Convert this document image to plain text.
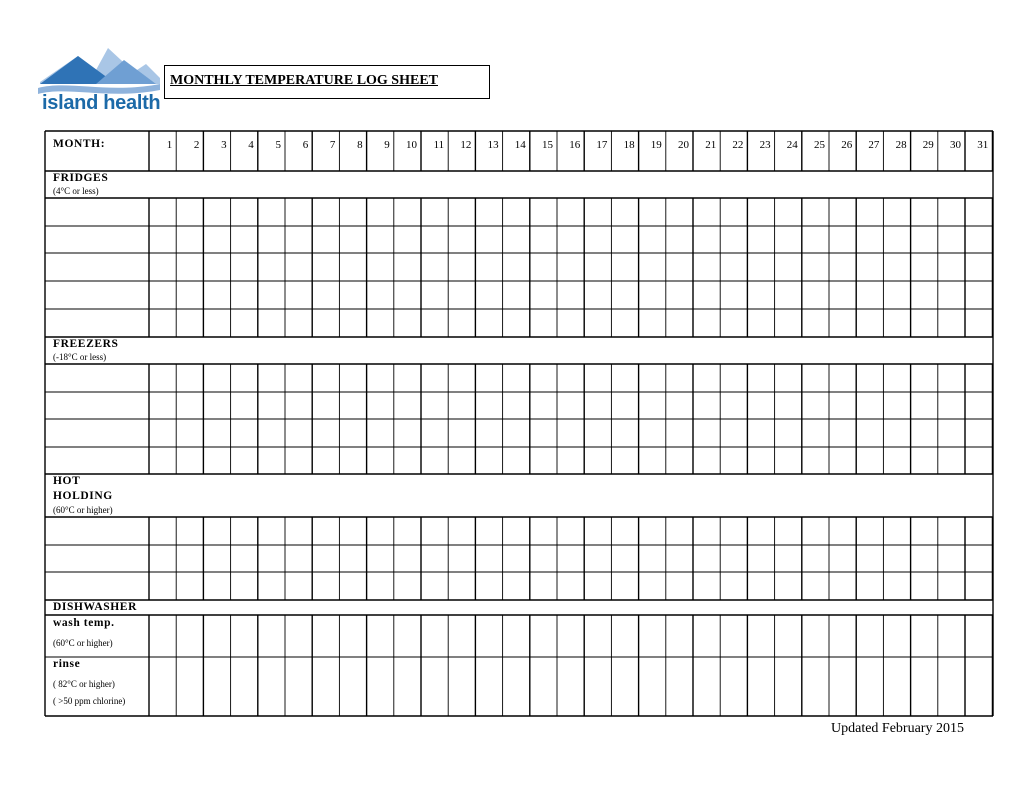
island health
MONTHLY TEMPERATURE LOG SHEET
MONTH:	1	2	3	4	5	6	7	8	9	10	11	12	13	14	15	16	17	18	19	20	21	22	23	24	25	26	27	28	29	30	31
FRIDGES
(4°C or less)
FREEZERS
(-18°C or less)
HOT
HOLDING
(60°C or higher)
DISHWASHER
wash temp.
(60°C or higher)
rinse
( 82°C or higher)
( >50 ppm chlorine)
Updated February 2015
